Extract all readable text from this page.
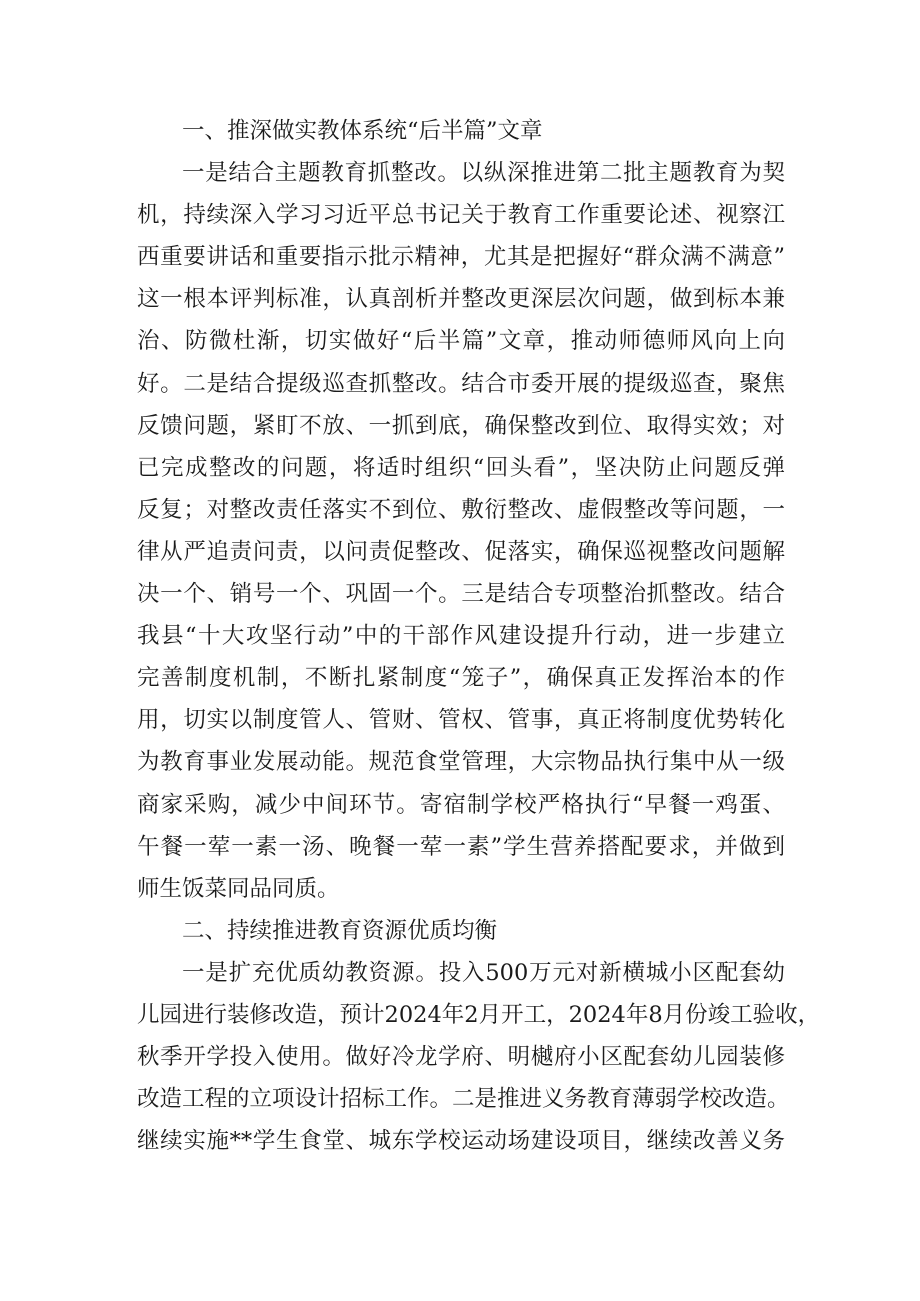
一、推深做实教体系统“后半篇”文章
一是结合主题教育抓整改。以纵深推进第二批主题教育为契
机，持续深入学习习近平总书记关于教育工作重要论述、视察江
西重要讲话和重要指示批示精神，尤其是把握好“群众满不满意”
这一根本评判标准，认真剖析并整改更深层次问题，做到标本兼
治、防微杜渐，切实做好“后半篇”文章，推动师德师风向上向
好。二是结合提级巡查抓整改。结合市委开展的提级巡查，聚焦
反馈问题，紧盯不放、一抓到底，确保整改到位、取得实效；对
已完成整改的问题，将适时组织“回头看”，坚决防止问题反弹
反复；对整改责任落实不到位、敷衍整改、虚假整改等问题，一
律从严追责问责，以问责促整改、促落实，确保巡视整改问题解
决一个、销号一个、巩固一个。三是结合专项整治抓整改。结合
我县“十大攻坚行动”中的干部作风建设提升行动，进一步建立
完善制度机制，不断扎紧制度“笼子”，确保真正发挥治本的作
用，切实以制度管人、管财、管权、管事，真正将制度优势转化
为教育事业发展动能。规范食堂管理，大宗物品执行集中从一级
商家采购，减少中间环节。寄宿制学校严格执行“早餐一鸡蛋、
午餐一荤一素一汤、晚餐一荤一素”学生营养搭配要求，并做到
师生饭菜同品同质。
二、持续推进教育资源优质均衡
一是扩充优质幼教资源。投入500万元对新横城小区配套幼
儿园进行装修改造，预计2024年2月开工，2024年8月份竣工验收，
秋季开学投入使用。做好冷龙学府、明樾府小区配套幼儿园装修
改造工程的立项设计招标工作。二是推进义务教育薄弱学校改造。
继续实施**学生食堂、城东学校运动场建设项目，继续改善义务
